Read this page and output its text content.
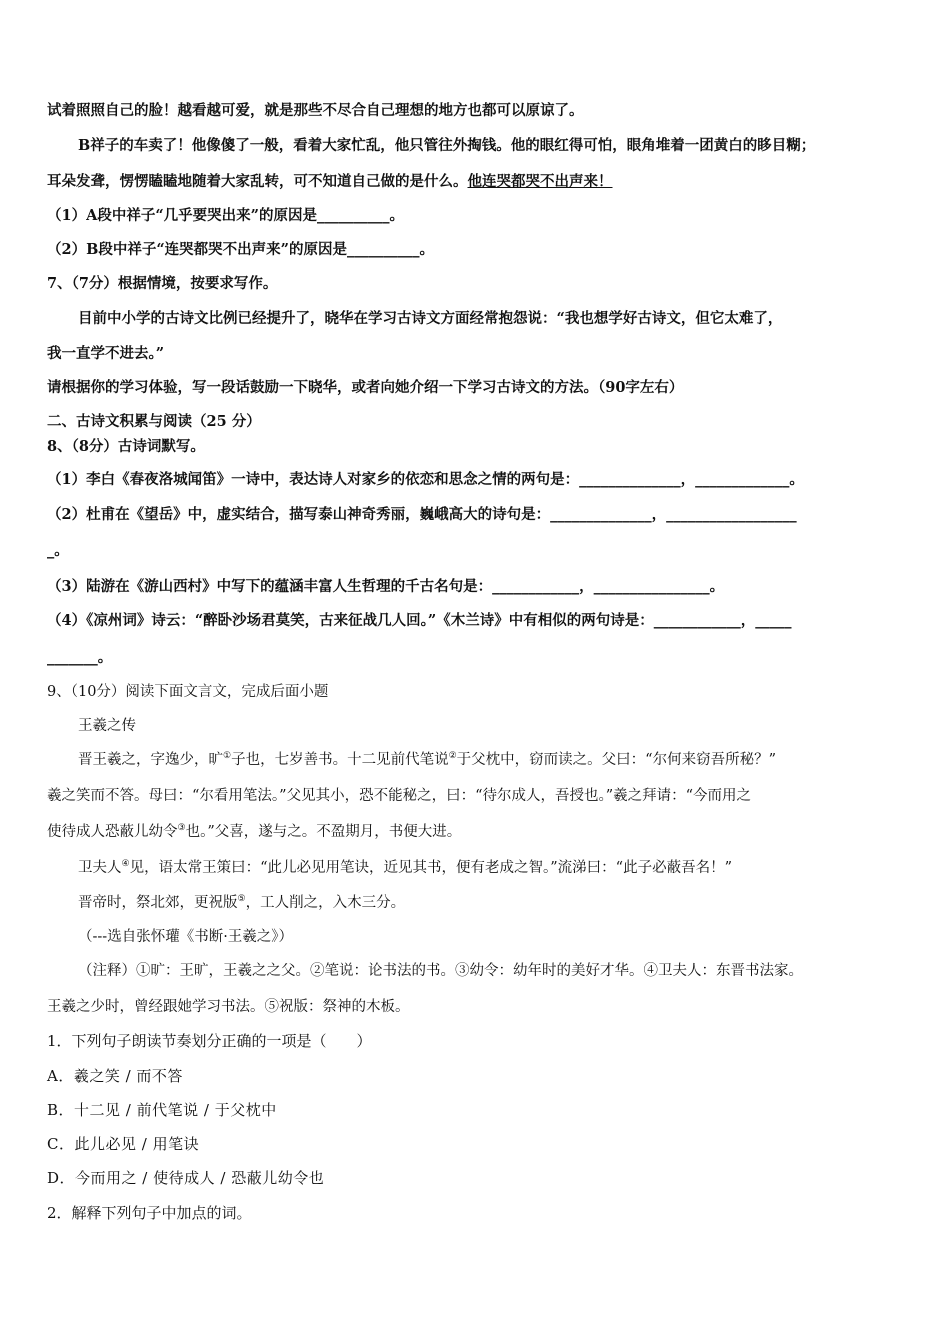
试着照照自己的脸！越看越可爱，就是那些不尽合自己理想的地方也都可以原谅了。
B祥子的车卖了！他像傻了一般，看着大家忙乱，他只管往外掏钱。他的眼红得可怕，眼角堆着一团黄白的眵目糊；
耳朵发聋，愣愣瞌瞌地随着大家乱转，可不知道自己做的是什么。他连哭都哭不出声来！
（1）A段中祥子“几乎要哭出来”的原因是__________。
（2）B段中祥子“连哭都哭不出声来”的原因是__________。
7、（7分）根据情境，按要求写作。
目前中小学的古诗文比例已经提升了，晓华在学习古诗文方面经常抱怨说：“我也想学好古诗文，但它太难了，
我一直学不进去。”
请根据你的学习体验，写一段话鼓励一下晓华，或者向她介绍一下学习古诗文的方法。（90字左右）
二、古诗文积累与阅读（25 分）
8、（8分）古诗词默写。
（1）李白《春夜洛城闻笛》一诗中，表达诗人对家乡的依恋和思念之情的两句是：______________，_____________。
（2）杜甫在《望岳》中，虚实结合，描写泰山神奇秀丽，巍峨高大的诗句是：______________，__________________
_。
（3）陆游在《游山西村》中写下的蕴涵丰富人生哲理的千古名句是：____________，________________。
（4）《凉州词》诗云：“醉卧沙场君莫笑，古来征战几人回。”《木兰诗》中有相似的两句诗是：____________，_____
_______。
9、（10分）阅读下面文言文，完成后面小题
王羲之传
晋王羲之，字逸少，旷①子也，七岁善书。十二见前代笔说②于父枕中，窃而读之。父曰：“尔何来窃吾所秘？”
羲之笑而不答。母曰：“尔看用笔法。”父见其小，恐不能秘之，曰：“待尔成人，吾授也。”羲之拜请：“今而用之
使待成人恐蔽儿幼令③也。”父喜，遂与之。不盈期月，书便大进。
卫夫人④见，语太常王策曰：“此儿必见用笔诀，近见其书，便有老成之智。”流涕曰：“此子必蔽吾名！”
晋帝时，祭北郊，更祝版⑤，工人削之，入木三分。
（---选自张怀瓘《书断·王羲之》）
（注释）①旷：王旷，王羲之之父。②笔说：论书法的书。③幼令：幼年时的美好才华。④卫夫人：东晋书法家。
王羲之少时，曾经跟她学习书法。⑤祝版：祭神的木板。
1．下列句子朗读节奏划分正确的一项是（　　）
A．羲之笑 / 而不答
B．十二见 / 前代笔说 / 于父枕中
C．此儿必见 / 用笔诀
D．今而用之 / 使待成人 / 恐蔽儿幼令也
2．解释下列句子中加点的词。
